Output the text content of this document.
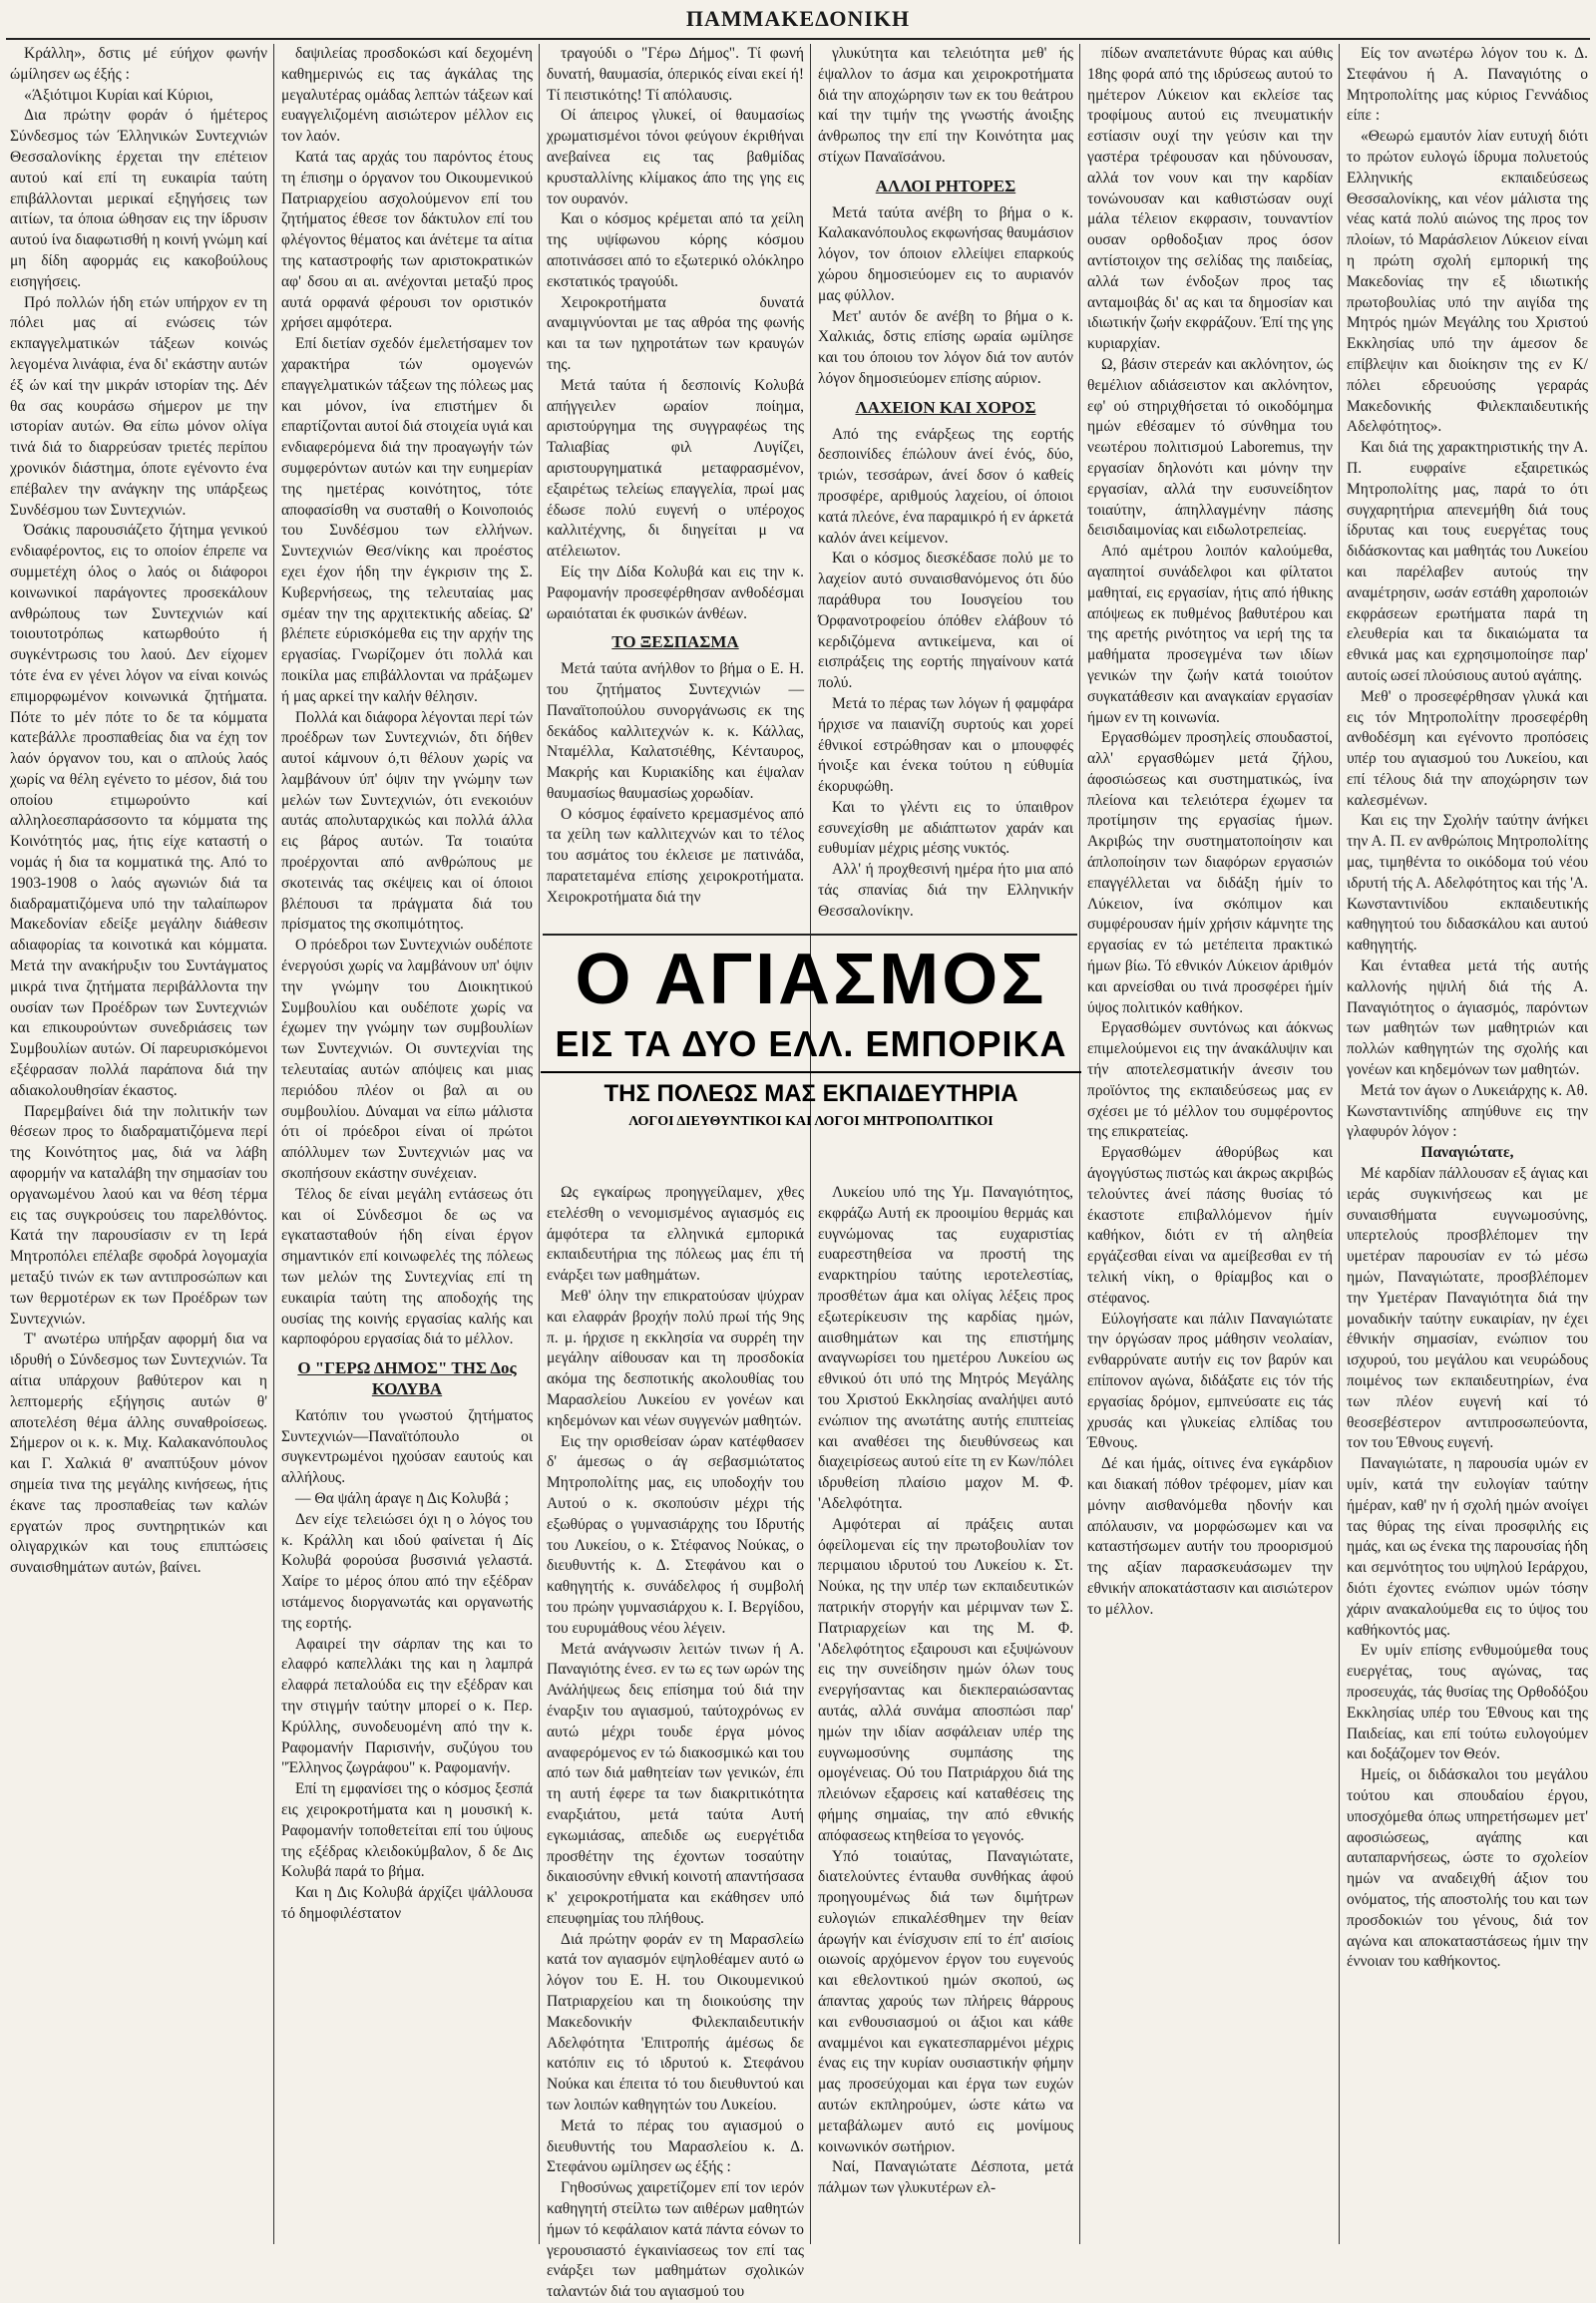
ΠΑΜΜΑΚΕΔΟΝΙΚΗ

Κράλλη», δστις μέ εύήχον φωνήν ώμίλησεν ως έξής :

«Άξιότιμοι Κυρίαι καί Κύριοι,

Δια πρώτην φοράν ό ήμέτερος Σύνδεσμος τών Έλληνικών Συντεχνιών Θεσσαλονίκης έρχεται την επέτειον αυτού καί επί τη ευκαιρία ταύτη επιβάλλονται μερικαί εξηγήσεις των αιτίων, τα όποια ώθησαν εις την ίδρυσιν αυτού ίνα διαφωτισθή η κοινή γνώμη καί μη δίδη αφορμάς εις κακοβούλους εισηγήσεις.

Πρό πολλών ήδη ετών υπήρχον εν τη πόλει μας αί ενώσεις τών εκπαγγελματικών τάξεων κοινώς λεγομένα λινάφια, ένα δι' εκάστην αυτών έξ ών καί την μικράν ιστορίαν της. Δέν θα σας κουράσω σήμερον με την ιστορίαν αυτών. Θα είπω μόνον ολίγα τινά διά το διαρρεύσαν τριετές περίπου χρονικόν διάστημα, όποτε εγένοντο ένα επέβαλεν την ανάγκην της υπάρξεως Συνδέσμου των Συντεχνιών.

Όσάκις παρουσιάζετο ζήτημα γενικού ενδιαφέροντος, εις το οποίον έπρεπε να συμμετέχη όλος ο λαός οι διάφοροι κοινωνικοί παράγοντες προσεκάλουν ανθρώπους των Συντεχνιών καί τοιουτοτρόπως κατωρθούτο ή συγκέντρωσις του λαού. Δεν είχομεν τότε ένα εν γένει λόγον να είναι κοινώς επιμορφωμένον κοινωνικά ζητήματα. Πότε το μέν πότε το δε τα κόμματα κατεβάλλε προσπαθείας δια να έχη τον λαόν όργανον του, και ο απλούς λαός χωρίς να θέλη εγένετο το μέσον, διά του οποίου ετιμωρούντο καί αλληλοεσπαράσσοντο τα κόμματα της Κοινότητός μας, ήτις είχε καταστή ο νομάς ή δια τα κομματικά της. Από το 1903-1908 ο λαός αγωνιών διά τα διαδραματιζόμενα υπό την ταλαίπωρον Μακεδονίαν εδείξε μεγάλην διάθεσιν αδιαφορίας τα κοινοτικά και κόμματα. Μετά την ανακήρυξιν του Συντάγματος μικρά τινα ζητήματα περιβάλλοντα την ουσίαν των Προέδρων των Συντεχνιών και επικουρούντων συνεδριάσεις των Συμβουλίων αυτών. Οί παρευρισκόμενοι εξέφρασαν πολλά παράπονα διά την αδιακολουθησίαν έκαστος.

Παρεμβαίνει διά την πολιτικήν των θέσεων προς το διαδραματιζόμενα περί της Κοινότητος μας, διά να λάβη αφορμήν να καταλάβη την σημασίαν του οργανωμένου λαού και να θέση τέρμα εις τας συγκρούσεις του παρελθόντος. Κατά την παρουσίασιν εν τη Ιερά Μητροπόλει επέλαβε σφοδρά λογομαχία μεταξύ τινών εκ των αντιπροσώπων και των θερμοτέρων εκ των Προέδρων των Συντεχνιών.

Τ' ανωτέρω υπήρξαν αφορμή δια να ιδρυθή ο Σύνδεσμος των Συντεχνιών. Τα αίτια υπάρχουν βαθύτερον και η λεπτομερής εξήγησις αυτών θ' αποτελέση θέμα άλλης συναθροίσεως. Σήμερον οι κ. κ. Μιχ. Καλακανόπουλος και Γ. Χαλκιά θ' αναπτύξουν μόνον σημεία τινα της μεγάλης κινήσεως, ήτις έκανε τας προσπαθείας των καλών εργατών προς συντηρητικών και ολιγαρχικών και τους επιπτώσεις συναισθημάτων αυτών, βαίνει.

δαψιλείας προσδοκώσι καί δεχομένη καθημερινώς εις τας άγκάλας της μεγαλυτέρας ομάδας λεπτών τάξεων καί ευαγγελιζομένη αισιώτερον μέλλον εις τον λαόν.

Κατά τας αρχάς του παρόντος έτους τη έπισημ ο όργανον του Οικουμενικού Πατριαρχείου ασχολούμενον επί του ζητήματος έθεσε τον δάκτυλον επί του φλέγοντος θέματος και άνέτεμε τα αίτια της καταστροφής των αριστοκρατικών αφ' δσου αι αι. ανέχονται μεταξύ προς αυτά ορφανά φέρουσι τον οριστικόν χρήσει αμφότερα.

Επί διετίαν σχεδόν έμελετήσαμεν τον χαρακτήρα τών ομογενών επαγγελματικών τάξεων της πόλεως μας και μόνον, ίνα επιστήμεν δι επαρτίζονται αυτοί διά στοιχεία υγιά και ενδιαφερόμενα διά την προαγωγήν τών συμφερόντων αυτών και την ευημερίαν της ημετέρας κοινότητος, τότε αποφασίσθη να συσταθή ο Κοινοποιός του Συνδέσμου των ελλήνων. Συντεχνιών Θεσ/νίκης και προέστος εχει έχον ήδη την έγκρισιν της Σ. Κυβερνήσεως, της τελευταίας μας σμέαν την της αρχιτεκτικής αδείας. Ω' βλέπετε εύρισκόμεθα εις την αρχήν της εργασίας. Γνωρίζομεν ότι πολλά και ποικίλα μας επιβάλλονται να πράξωμεν ή μας αρκεί την καλήν θέλησιν.

Πολλά και διάφορα λέγονται περί τών προέδρων των Συντεχνιών, δτι δήθεν αυτοί κάμνουν ό,τι θέλουν χωρίς να λαμβάνουν ύπ' όψιν την γνώμην των μελών των Συντεχνιών, ότι ενεκοιόυν αυτάς απολυταρχικώς και πολλά άλλα εις βάρος αυτών. Τα τοιαύτα προέρχονται από ανθρώπους με σκοτεινάς τας σκέψεις και οί όποιοι βλέπουσι τα πράγματα διά του πρίσματος της σκοπιμότητος.

Ο πρόεδροι των Συντεχνιών ουδέποτε ένεργούσι χωρίς να λαμβάνουν υπ' όψιν την γνώμην του Διοικητικού Συμβουλίου και ουδέποτε χωρίς να έχωμεν την γνώμην των συμβουλίων των Συντεχνιών. Οι συντεχνίαι της τελευταίας αυτών απόψεις και μιας περιόδου πλέον οι βαλ αι ου συμβουλίου. Δύναμαι να είπω μάλιστα ότι οί πρόεδροι είναι οί πρώτοι απόλλυμεν των Συντεχνιών μας να σκοπήσουν εκάστην συνέχειαν.

Τέλος δε είναι μεγάλη εντάσεως ότι και οί Σύνδεσμοι δε ως να εγκατασταθούν ήδη είναι έργον σημαντικόν επί κοινωφελές της πόλεως των μελών της Συντεχνίας επί τη ευκαιρία ταύτη της αποδοχής της ουσίας της κοινής εργασίας καλής και καρποφόρου εργασίας διά το μέλλον.

Ο "ΓΕΡΩ ΔΗΜΟΣ" ΤΗΣ Δος ΚΟΛΥΒΑ

Κατόπιν του γνωστού ζητήματος Συντεχνιών—Παναϊτόπουλο οι συγκεντρωμένοι ηχούσαν εαυτούς και αλλήλους.

— Θα ψάλη άραγε η Δις Κολυβά ;

Δεν είχε τελειώσει όχι η ο λόγος του κ. Κράλλη και ιδού φαίνεται ή Δίς Κολυβά φορούσα βυσσινιά γελαστά. Χαίρε το μέρος όπου από την εξέδραν ιστάμενος διοργανωτάς και οργανωτής της εορτής.

Αφαιρεί την σάρπαν της και το ελαφρό καπελλάκι της και η λαμπρά ελαφρά πεταλούδα εις την εξέδραν και την στιγμήν ταύτην μπορεί ο κ. Περ. Κρύλλης, συνοδευομένη από την κ. Ραφομανήν Παρισινήν, συζύγου του "Έλληνος ζωγράφου" κ. Ραφομανήν.

Επί τη εμφανίσει της ο κόσμος ξεσπά εις χειροκροτήματα και η μουσική κ. Ραφομανήν τοποθετείται επί του ύψους της εξέδρας κλειδοκύμβαλον, δ δε Δις Κολυβά παρά το βήμα.

Και η Δις Κολυβά άρχίζει ψάλλουσα τό δημοφιλέστατον

τραγούδι ο "Γέρω Δήμος". Τί φωνή δυνατή, θαυμασία, όπερικός είναι εκεί ή! Τί πειστικότης! Τί απόλαυσις.

Οί άπειρος γλυκεί, οί θαυμασίως χρωματισμένοι τόνοι φεύγουν έκριθήναι ανεβαίνεα εις τας βαθμίδας κρυσταλλίνης κλίμακος άπο της γης εις τον ουρανόν.

Και ο κόσμος κρέμεται από τα χείλη της υψίφωνου κόρης κόσμου αποτινάσσει από το εξωτερικό ολόκληρο εκστατικός τραγούδι.

Χειροκροτήματα δυνατά αναμιγνύονται με τας αθρόα της φωνής και τα των ηχηροτάτων των κραυγών της.

Μετά ταύτα ή δεσποινίς Κολυβά απήγγειλεν ωραίον ποίημα, αριστούργημα της συγγραφέως της Ταλιαβίας φιλ Λυγίζει, αριστουργηματικά μεταφρασμένον, εξαιρέτως τελείως επαγγελία, πρωί μας έδωσε πολύ ευγενή ο υπέροχος καλλιτέχνης, δι διηγείται μ να ατέλειωτον.

Είς την Δίδα Κολυβά και εις την κ. Ραφομανήν προσεφέρθησαν ανθοδέσμαι ωραιόταται έκ φυσικών άνθέων.

ΤΟ ΞΕΣΠΑΣΜΑ

Μετά ταύτα ανήλθον το βήμα ο Ε. Η. του ζητήματος Συντεχνιών — Παναϊτοπούλου συνοργάνωσις εκ της δεκάδος καλλιτεχνών κ. κ. Κάλλας, Νταμέλλα, Καλατσιέθης, Κένταυρος, Μακρής και Κυριακίδης και έψαλαν θαυμασίως θαυμασίως χορωδίαν.

Ο κόσμος έφαίνετο κρεμασμένος από τα χείλη των καλλιτεχνών και το τέλος του ασμάτος του έκλεισε με πατινάδα, παρατεταμένα επίσης χειροκροτήματα. Χειροκροτήματα διά την

γλυκύτητα και τελειότητα μεθ' ής έψαλλον το άσμα και χειροκροτήματα διά την αποχώρησιν των εκ του θεάτρου καί την τιμήν της γνωστής άνοιξης άνθρωπος την επί την Κοινότητα μας στίχων Παναϊσάνου.

ΑΛΛΟΙ ΡΗΤΟΡΕΣ

Μετά ταύτα ανέβη το βήμα ο κ. Καλακανόπουλος εκφωνήσας θαυμάσιον λόγον, τον όποιον ελλείψει επαρκούς χώρου δημοσιεύομεν εις το αυριανόν μας φύλλον.

Μετ' αυτόν δε ανέβη το βήμα ο κ. Χαλκιάς, δστις επίσης ωραία ωμίλησε και του όποιου τον λόγον διά τον αυτόν λόγον δημοσιεύομεν επίσης αύριον.

ΛΑΧΕΙΟΝ ΚΑΙ ΧΟΡΟΣ

Από της ενάρξεως της εορτής δεσποινίδες έπώλουν άνεί ένός, δύο, τριών, τεσσάρων, άνεί δσον ό καθείς προσφέρε, αριθμούς λαχείου, οί όποιοι κατά πλεόνε, ένα παραμικρό ή εν άρκετά καλόν άνει κείμενον.

Και ο κόσμος διεσκέδασε πολύ με το λαχείον αυτό συναισθανόμενος ότι δύο παράθυρα του Ιουσγείου του Όρφανοτροφείου όπόθεν ελάβουν τό κερδιζόμενα αντικείμενα, και οί εισπράξεις της εορτής πηγαίνουν κατά πολύ.

Μετά το πέρας των λόγων ή φαμφάρα ήρχισε να παιανίζη συρτούς και χορεί έθνικοί εστρώθησαν και ο μπουφφές ήνοιξε και ένεκα τούτου η εύθυμία έκορυφώθη.

Και το γλέντι εις το ύπαιθρον εσυνεχίσθη με αδιάπτωτον χαράν και ευθυμίαν μέχρις μέσης νυκτός.

Αλλ' ή προχθεσινή ημέρα ήτο μια από τάς σπανίας διά την Ελληνικήν Θεσσαλονίκην.

Ο ΑΓΙΑΣΜΟΣ
ΕΙΣ ΤΑ ΔΥΟ ΕΛΛ. ΕΜΠΟΡΙΚΑ
ΤΗΣ ΠΟΛΕΩΣ ΜΑΣ ΕΚΠΑΙΔΕΥΤΗΡΙΑ
ΛΟΓΟΙ ΔΙΕΥΘΥΝΤΙΚΟΙ ΚΑΙ ΛΟΓΟΙ ΜΗΤΡΟΠΟΛΙΤΙΚΟΙ

Ως εγκαίρως προηγγείλαμεν, χθες ετελέσθη ο νενομισμένος αγιασμός εις άμφότερα τα ελληνικά εμπορικά εκπαιδευτήρια της πόλεως μας έπι τή ενάρξει των μαθημάτων.

Μεθ' όλην την επικρατούσαν ψύχραν και ελαφράν βροχήν πολύ πρωί τής 9ης π. μ. ήρχισε η εκκλησία να συρρέη την μεγάλην αίθουσαν και τη προσδοκία ακόμα της δεσποτικής ακολουθίας του Μαρασλείου Λυκείου εν γονέων και κηδεμόνων και νέων συγγενών μαθητών.

Εις την ορισθείσαν ώραν κατέφθασεν δ' άμεσως ο άγ σεβασμιώτατος Μητροπολίτης μας, εις υποδοχήν του Αυτού ο κ. σκοπούσιν μέχρι τής εξωθύρας ο γυμνασιάρχης του Ιδρυτής του Λυκείου, ο κ. Στέφανος Νούκας, ο διευθυντής κ. Δ. Στεφάνου και ο καθηγητής κ. συνάδελφος ή συμβολή του πρώην γυμνασιάρχου κ. Ι. Βεργίδου, του ευρυμάθους νέου λέγειν.

Μετά ανάγνωσιν λειτών τινων ή Α. Παναγιότης ένεσ. εν τω ες των ωρών της Ανάλήψεως δεις επίσημα τού διά την έναρξιν του αγιασμού, ταύτοχρόνως εν αυτώ μέχρι τουδε έργα μόνος αναφερόμενος εν τώ διακοσμικώ και του από των διά μαθητείαν των γενικών, έπι τη αυτή έφερε τα των διακριτικότητα εναρξιάτου, μετά ταύτα Αυτή εγκωμιάσας, απεδιδε ως ευεργέτιδα προσθέτην της έχοντων τοσαύτην δικαιοσύνην εθνική κοινοτή απαντήσασα κ' χειροκροτήματα και εκάθησεν υπό επευφημίας του πλήθους.

Διά πρώτην φοράν εν τη Μαρασλείω κατά τον αγιασμόν εψηλοθέαμεν αυτό ω λόγον του Ε. Η. του Οικουμενικού Πατριαρχείου και τη διοικούσης την Μακεδονικήν Φιλεκπαιδευτικήν Αδελφότητα 'Επιτροπής άμέσως δε κατόπιν εις τό ιδρυτού κ. Στεφάνου Νούκα και έπειτα τό του διευθυντού και των λοιπών καθηγητών του Λυκείου.

Μετά το πέρας του αγιασμού ο διευθυντής του Μαρασλείου κ. Δ. Στεφάνου ωμίλησεν ως έξής :

Γηθοσύνως χαιρετίζομεν επί τον ιερόν καθηγητή στείλτω των αιθέρων μαθητών ήμων τό κεφάλαιον κατά πάντα εόνων το γερουσιαστό έγκαινίασεως τον επί τας ενάρξει των μαθημάτων σχολικών ταλαντών διά του αγιασμού του

Λυκείου υπό της Υμ. Παναγιότητος, εκφράζω Αυτή εκ προοιμίου θερμάς και ευγνώμονας τας ευχαριστίας ευαρεστηθείσα να προστή της εναρκτηρίου ταύτης ιεροτελεστίας, προσθέτων άμα και ολίγας λέξεις προς εξωτερίκευσιν της καρδίας ημών, αιισθημάτων και της επιστήμης αναγνωρίσει του ημετέρου Λυκείου ως εθνικού ότι υπό της Μητρός Μεγάλης του Χριστού Εκκλησίας αναλήψει αυτό ενώπιον της ανωτάτης αυτής επιπτείας και αναθέσει της διευθύνσεως και διαχειρίσεως αυτού είτε τη εν Κων/πόλει ιδρυθείση πλαίσιο μαχον Μ. Φ. 'Αδελφότητα.

Αμφότεραι αί πράξεις αυται όφείλομεναι είς την πρωτοβουλίαν τον περιμαιου ιδρυτού του Λυκείου κ. Στ. Νούκα, ης την υπέρ των εκπαιδευτικών πατρικήν στοργήν και μέριμναν των Σ. Πατριαρχείων και της Μ. Φ. 'Αδελφότητος εξαιρουσι και εξυψώνουν εις την συνείδησιν ημών όλων τους ενεργήσαντας και διεκπεραιώσαντας αυτάς, αλλά συνάμα αποσπώσι παρ' ημών την ιδίαν ασφάλειαν υπέρ της ευγνωμοσύνης συμπάσης της ομογένειας. Ού του Πατριάρχου διά της πλειόνων εξαρσεις καί καταθέσεις της φήμης σημαίας, την από εθνικής απόφασεως κτηθείσα το γεγονός.

Υπό τοιαύτας, Παναγιώτατε, διατελούντες ένταυθα συνθήκας άφού προηγουμένως διά των διμήτρων ευλογιών επικαλέσθημεν την θείαν άρωγήν και ένίσχυσιν επί το έπ' αισίοις οιωνοίς αρχόμενον έργον του ευγενούς και εθελοντικού ημών σκοπού, ως άπαντας χαρούς των πλήρεις θάρρους και ενθουσιασμού οι άξιοι και κάθε αναμμένοι και εγκατεσπαρμένοι μέχρις ένας εις την κυρίαν ουσιαστικήν φήμην μας προσεύχομαι και έργα των ευχών αυτών εκπληρούμεν, ώστε κάτω να μεταβάλωμεν αυτό εις μονίμους κοινωνικόν σωτήριον.

Ναί, Παναγιώτατε Δέσποτα, μετά πάλμων των γλυκυτέρων ελ-

πίδων αναπετάνυτε θύρας και αύθις 18ης φορά από της ιδρύσεως αυτού το ημέτερον Λύκειον και εκλείσε τας τροφίμους αυτού εις πνευματικήν εστίασιν ουχί την γεύσιν και την γαστέρα τρέφουσαν και ηδύνουσαν, αλλά τον νουν και την καρδίαν τονώνουσαν και καθιστώσαν ουχί μάλα τέλειον εκφρασιν, τουναντίον ουσαν ορθοδοξιαν προς όσον αντίστοιχον της σελίδας της παιδείας, αλλά των ένδοξων προς τας ανταμοιβάς δι' ας και τα δημοσίαν και ιδιωτικήν ζωήν εκφράζουν. Έπί της γης κυριαρχίαν.

Ω, βάσιν στερεάν και ακλόνητον, ώς θεμέλιον αδιάσειστον και ακλόνητον, εφ' ού στηριχθήσεται τό οικοδόμημα ημών εθέσαμεν τό σύνθημα του νεωτέρου πολιτισμού Laboremus, την εργασίαν δηλονότι και μόνην την εργασίαν, αλλά την ευσυνείδητον τοιαύτην, άπηλλαγμένην πάσης δεισιδαιμονίας και ειδωλοτρεπείας.

Από αμέτρου λοιπόν καλούμεθα, αγαπητοί συνάδελφοι και φίλτατοι μαθηταί, εις εργασίαν, ήτις από ήθικης απόψεως εκ πυθμένος βαθυτέρου και της αρετής ρινότητος να ιερή της τα μαθήματα προσεγμένα των ιδίων γενικών την ζωήν κατά τοιούτον συγκατάθεσιν και αναγκαίαν εργασίαν ήμων εν τη κοινωνία.

Εργασθώμεν προσηλείς σπουδαστοί, αλλ' εργασθώμεν μετά ζήλου, άφοσιώσεως και συστηματικώς, ίνα πλείονα και τελειότερα έχωμεν τα προτίμησιν της εργασίας ήμων. Ακριβώς την συστηματοποίησιν και άπλοποίησιν των διαφόρων εργασιών επαγγέλλεται να διδάξη ήμίν το Λύκειον, ίνα σκόπιμον και συμφέρουσαν ήμίν χρήσιν κάμνητε της εργασίας εν τώ μετέπειτα πρακτικώ ήμων βίω. Τό εθνικόν Λύκειον άριθμόν και αρνείσθαι ου τινά προσφέρει ήμίν ύψος πολιτικόν καθήκον.

Εργασθώμεν συντόνως και άόκνως επιμελούμενοι εις την άνακάλυψιν και τήν αποτελεσματικήν άνεσιν του προϊόντος της εκπαιδεύσεως μας εν σχέσει με τό μέλλον του συμφέροντος της επικρατείας.

Εργασθώμεν άθορύβως και άγογγύστως πιστώς και άκρως ακριβώς τελούντες άνεί πάσης θυσίας τό έκαστοτε επιβαλλόμενον ήμίν καθήκον, διότι εν τή αληθεία εργάζεσθαι είναι να αμείβεσθαι εν τή τελική νίκη, ο θρίαμβος και ο στέφανος.

Εύλογήσατε και πάλιν Παναγιώτατε την όργώσαν προς μάθησιν νεολαίαν, ενθαρρύνατε αυτήν εις τον βαρύν και επίπονον αγώνα, διδάξατε εις τόν τής εργασίας δρόμον, εμπνεύσατε εις τάς χρυσάς και γλυκείας ελπίδας του Έθνους.

Δέ και ήμάς, οίτινες ένα εγκάρδιον και διακαή πόθον τρέφομεν, μίαν και μόνην αισθανόμεθα ηδονήν και απόλαυσιν, να μορφώσωμεν και να καταστήσωμεν αυτήν του προορισμού της αξίαν παρασκευάσωμεν την εθνικήν αποκατάστασιν και αισιώτερον το μέλλον.

Είς τον ανωτέρω λόγον του κ. Δ. Στεφάνου ή Α. Παναγιότης ο Μητροπολίτης μας κύριος Γεννάδιος είπε :

«Θεωρώ εμαυτόν λίαν ευτυχή διότι το πρώτον ευλογώ ίδρυμα πολυετούς Ελληνικής εκπαιδεύσεως Θεσσαλονίκης, και νέον μάλιστα της νέας κατά πολύ αιώνος της προς τον πλοίων, τό Μαράσλειον Λύκειον είναι η πρώτη σχολή εμπορική της Μακεδονίας την εξ ιδιωτικής πρωτοβουλίας υπό την αιγίδα της Μητρός ημών Μεγάλης του Χριστού Εκκλησίας υπό την άμεσον δε επίβλεψιν και διοίκησιν της εν Κ/πόλει εδρευούσης γεραράς Μακεδονικής Φιλεκπαιδευτικής Αδελφότητος».

Και διά της χαρακτηριστικής την Α. Π. ευφραίνε εξαιρετικώς Μητροπολίτης μας, παρά το ότι συγχαρητήρια απενεμήθη διά τους ίδρυτας και τους ευεργέτας τους διδάσκοντας και μαθητάς του Λυκείου και παρέλαβεν αυτούς την αναμέτρησιν, ωσάν εστάθη χαροποιών εκφράσεων ερωτήματα παρά τη ελευθερία και τα δικαιώματα τα εθνικά μας και εχρησιμοποίησε παρ' αυτοίς ωσεί πλούσιους αυτού αγάπης.

Μεθ' ο προσεφέρθησαν γλυκά και εις τόν Μητροπολίτην προσεφέρθη ανθοδέσμη και εγένοντο προπόσεις υπέρ του αγιασμού του Λυκείου, και επί τέλους διά την αποχώρησιν των καλεσμένων.

Και εις την Σχολήν ταύτην άνήκει την Α. Π. εν ανθρώποις Μητροπολίτης μας, τιμηθέντα το οικόδομα τού νέου ιδρυτή τής Α. Αδελφότητος και τής 'Α. Κωνσταντινίδου εκπαιδευτικής καθηγητού του διδασκάλου και αυτού καθηγητής.

Και ένταθεα μετά τής αυτής καλλονής ηψιλή διά τής Α. Παναγιότητος ο άγιασμός, παρόντων των μαθητών των μαθητριών και πολλών καθηγητών της σχολής και γονέων και κηδεμόνων των μαθητών.

Μετά τον άγων ο Λυκειάρχης κ. Αθ. Κωνσταντινίδης απηύθυνε εις την γλαφυρόν λόγον :

Παναγιώτατε,

Μέ καρδίαν πάλλουσαν εξ άγιας και ιεράς συγκινήσεως και με συναισθήματα ευγνωμοσύνης, υπερτελούς προσβλέπομεν την υμετέραν παρουσίαν εν τώ μέσω ημών, Παναγιώτατε, προσβλέπομεν την Υμετέραν Παναγιότητα διά την μοναδικήν ταύτην ευκαιρίαν, ην έχει έθνικήν σημασίαν, ενώπιον του ισχυρού, του μεγάλου και νευρώδους ποιμένος των εκπαιδευτηρίων, ένα των πλέον ευγενή καί τό θεοσεβέστερον αντιπροσωπεύοντα, τον του Έθνους ευγενή.

Παναγιώτατε, η παρουσία υμών εν υμίν, κατά την ευλογίαν ταύτην ήμέραν, καθ' ην ή σχολή ημών ανοίγει τας θύρας της είναι προσφιλής εις ημάς, και ως ένεκα της παρουσίας ήδη και σεμνότητος του υψηλού Ιεράρχου, διότι έχοντες ενώπιον υμών τόσην χάριν ανακαλούμεθα εις το ύψος του καθήκοντός μας.

Εν υμίν επίσης ενθυμούμεθα τους ευεργέτας, τους αγώνας, τας προσευχάς, τάς θυσίας της Ορθοδόξου Εκκλησίας υπέρ του Έθνους και της Παιδείας, και επί τούτω ευλογούμεν και δοξάζομεν τον Θεόν.

Ημείς, οι διδάσκαλοι του μεγάλου τούτου και σπουδαίου έργου, υποσχόμεθα όπως υπηρετήσωμεν μετ' αφοσιώσεως, αγάπης και αυταπαρνήσεως, ώστε το σχολείον ημών να αναδειχθή άξιον του ονόματος, τής αποστολής του και των προσδοκιών του γένους, διά τον αγώνα και αποκαταστάσεως ήμιν την έννοιαν του καθήκοντος.
